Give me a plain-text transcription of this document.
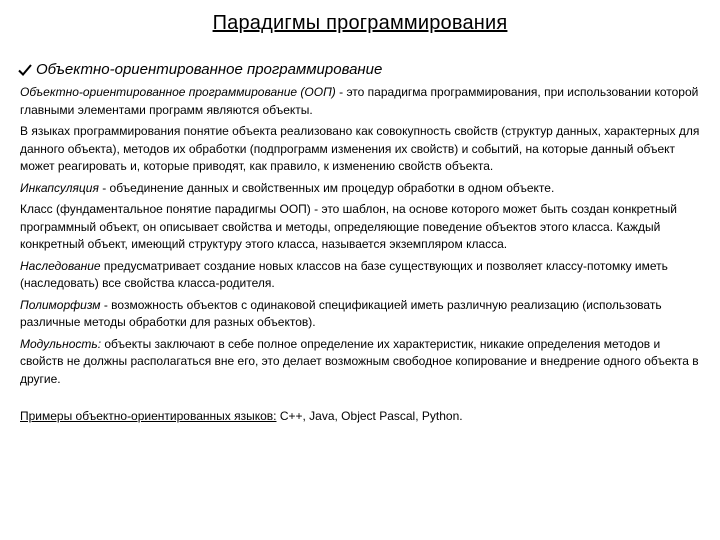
Парадигмы программирования
Объектно-ориентированное программирование

Объектно-ориентированное программирование (ООП) - это парадигма программирования, при использовании которой главными элементами программ являются объекты.

В языках программирования понятие объекта реализовано как совокупность свойств (структур данных, характерных для данного объекта), методов их обработки (подпрограмм изменения их свойств) и событий, на которые данный объект может реагировать и, которые приводят, как правило, к изменению свойств объекта.

Инкапсуляция - объединение данных и свойственных им процедур обработки в одном объекте.

Класс (фундаментальное понятие парадигмы ООП) - это шаблон, на основе которого может быть создан конкретный программный объект, он описывает свойства и методы, определяющие поведение объектов этого класса. Каждый конкретный объект, имеющий структуру этого класса, называется экземпляром класса.

Наследование предусматривает создание новых классов на базе существующих и позволяет классу-потомку иметь (наследовать) все свойства класса-родителя.

Полиморфизм - возможность объектов с одинаковой спецификацией иметь различную реализацию (использовать различные методы обработки для разных объектов).

Модульность: объекты заключают в себе полное определение их характеристик, никакие определения методов и свойств не должны располагаться вне его, это делает возможным свободное копирование и внедрение одного объекта в другие.

Примеры объектно-ориентированных языков: C++, Java, Object Pascal, Python.
